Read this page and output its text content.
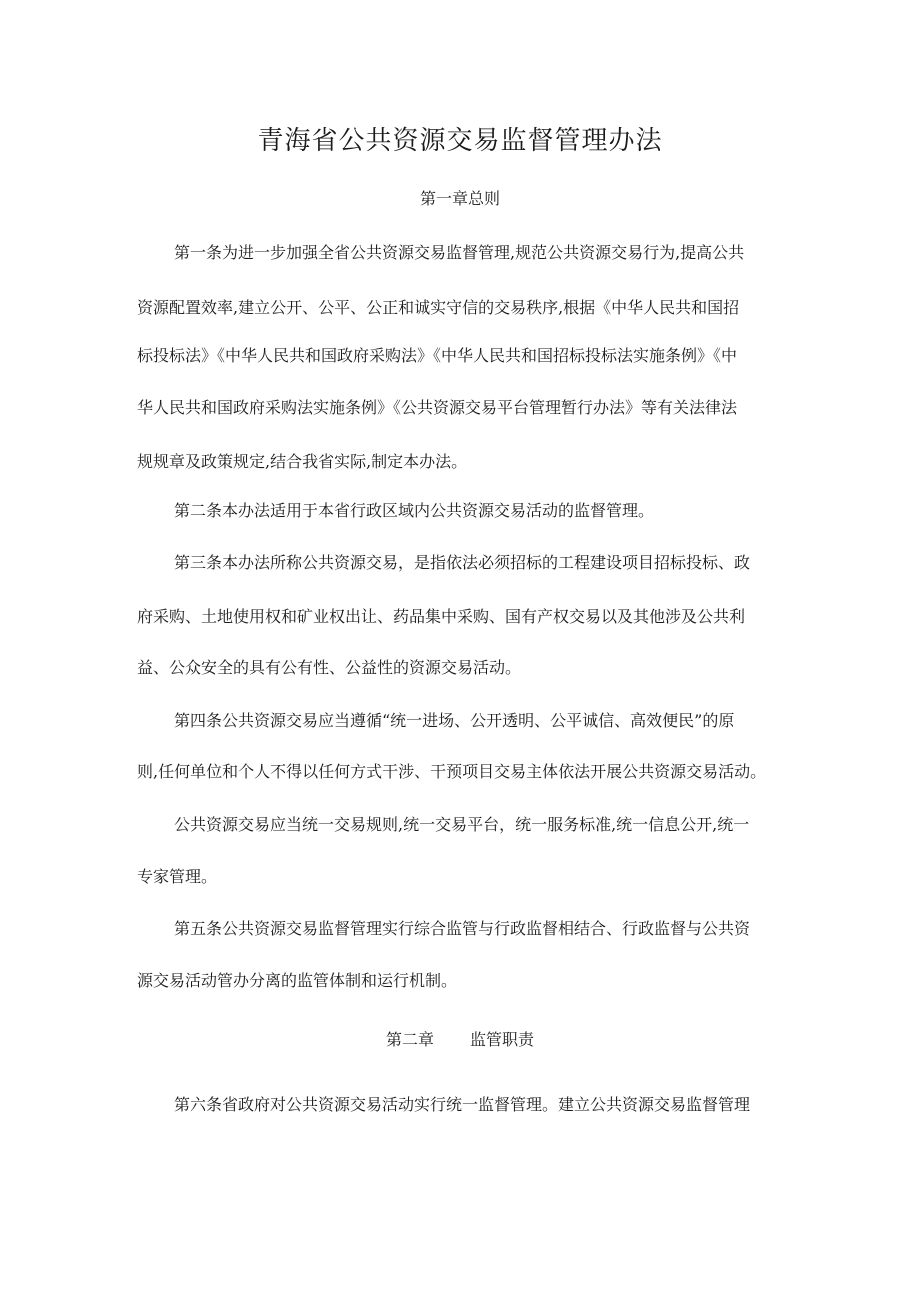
青海省公共资源交易监督管理办法
第一章总则
第一条为进一步加强全省公共资源交易监督管理,规范公共资源交易行为,提高公共
资源配置效率,建立公开、公平、公正和诚实守信的交易秩序,根据《中华人民共和国招
标投标法》《中华人民共和国政府采购法》《中华人民共和国招标投标法实施条例》《中
华人民共和国政府采购法实施条例》《公共资源交易平台管理暂行办法》等有关法律法
规规章及政策规定,结合我省实际,制定本办法。
第二条本办法适用于本省行政区域内公共资源交易活动的监督管理。
第三条本办法所称公共资源交易，是指依法必须招标的工程建设项目招标投标、政
府采购、土地使用权和矿业权出让、药品集中采购、国有产权交易以及其他涉及公共利
益、公众安全的具有公有性、公益性的资源交易活动。
第四条公共资源交易应当遵循“统一进场、公开透明、公平诚信、高效便民”的原
则,任何单位和个人不得以任何方式干涉、干预项目交易主体依法开展公共资源交易活动。
公共资源交易应当统一交易规则,统一交易平台，统一服务标准,统一信息公开,统一
专家管理。
第五条公共资源交易监督管理实行综合监管与行政监督相结合、行政监督与公共资
源交易活动管办分离的监管体制和运行机制。
第二章 监管职责
第六条省政府对公共资源交易活动实行统一监督管理。建立公共资源交易监督管理
